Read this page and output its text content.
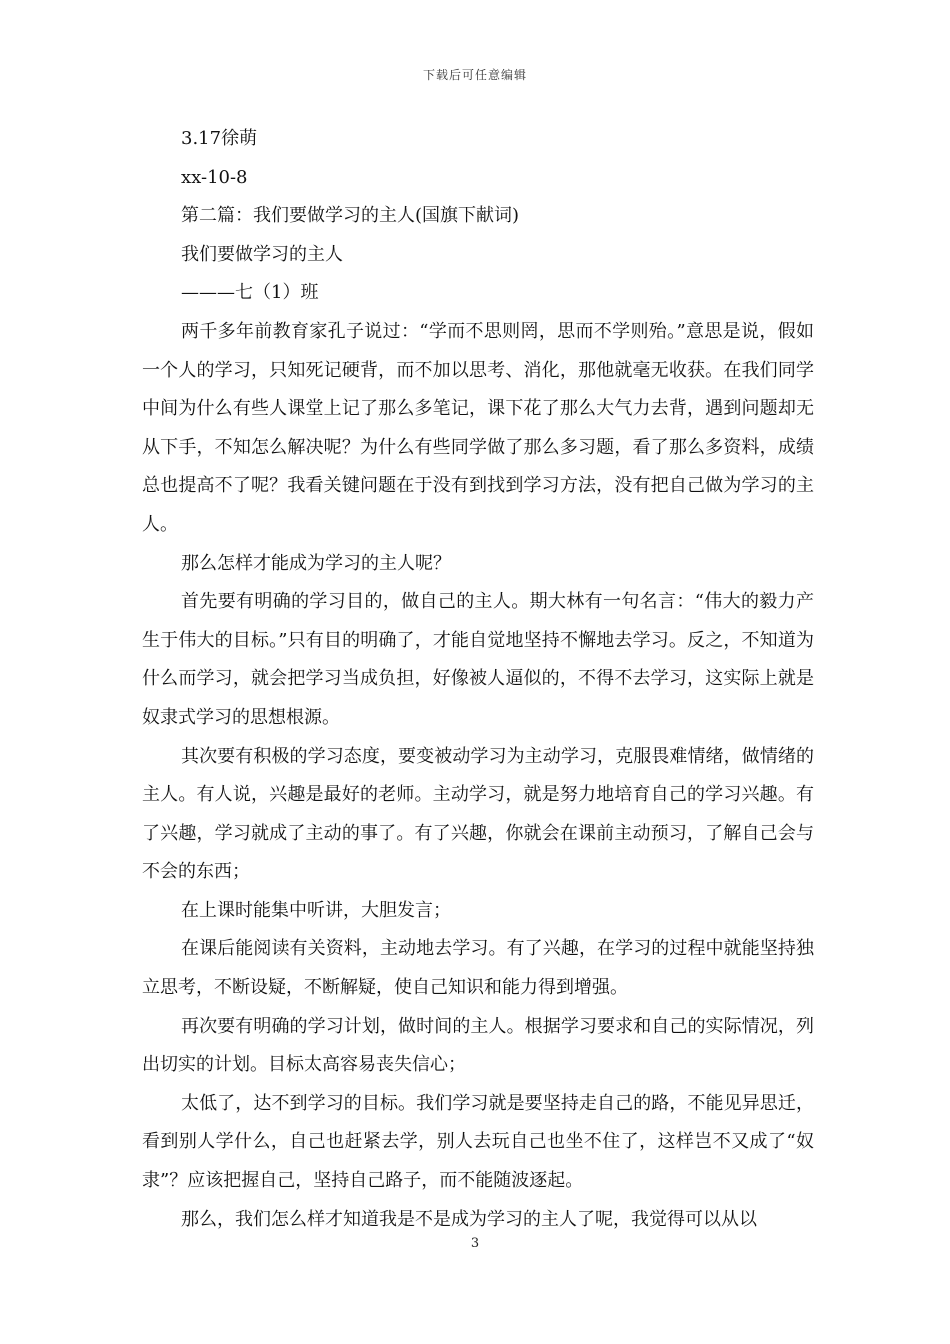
下载后可任意编辑
3.17徐萌
xx-10-8
第二篇：我们要做学习的主人(国旗下献词)
我们要做学习的主人
———七（1）班

两千多年前教育家孔子说过：“学而不思则罔，思而不学则殆。”意思是说，假如一个人的学习，只知死记硬背，而不加以思考、消化，那他就毫无收获。在我们同学中间为什么有些人课堂上记了那么多笔记，课下花了那么大气力去背，遇到问题却无从下手，不知怎么解决呢？为什么有些同学做了那么多习题，看了那么多资料，成绩总也提高不了呢？我看关键问题在于没有到找到学习方法，没有把自己做为学习的主人。

那么怎样才能成为学习的主人呢？

首先要有明确的学习目的，做自己的主人。期大林有一句名言：“伟大的毅力产生于伟大的目标。”只有目的明确了，才能自觉地坚持不懈地去学习。反之，不知道为什么而学习，就会把学习当成负担，好像被人逼似的，不得不去学习，这实际上就是奴隶式学习的思想根源。

其次要有积极的学习态度，要变被动学习为主动学习，克服畏难情绪，做情绪的主人。有人说，兴趣是最好的老师。主动学习，就是努力地培育自己的学习兴趣。有了兴趣，学习就成了主动的事了。有了兴趣，你就会在课前主动预习，了解自己会与不会的东西；

在上课时能集中听讲，大胆发言；

在课后能阅读有关资料，主动地去学习。有了兴趣，在学习的过程中就能坚持独立思考，不断设疑，不断解疑，使自己知识和能力得到增强。

再次要有明确的学习计划，做时间的主人。根据学习要求和自己的实际情况，列出切实的计划。目标太高容易丧失信心；

太低了，达不到学习的目标。我们学习就是要坚持走自己的路，不能见异思迁，看到别人学什么，自己也赶紧去学，别人去玩自己也坐不住了，这样岂不又成了“奴隶”？应该把握自己，坚持自己路子，而不能随波逐起。

那么，我们怎么样才知道我是不是成为学习的主人了呢，我觉得可以从以

3
